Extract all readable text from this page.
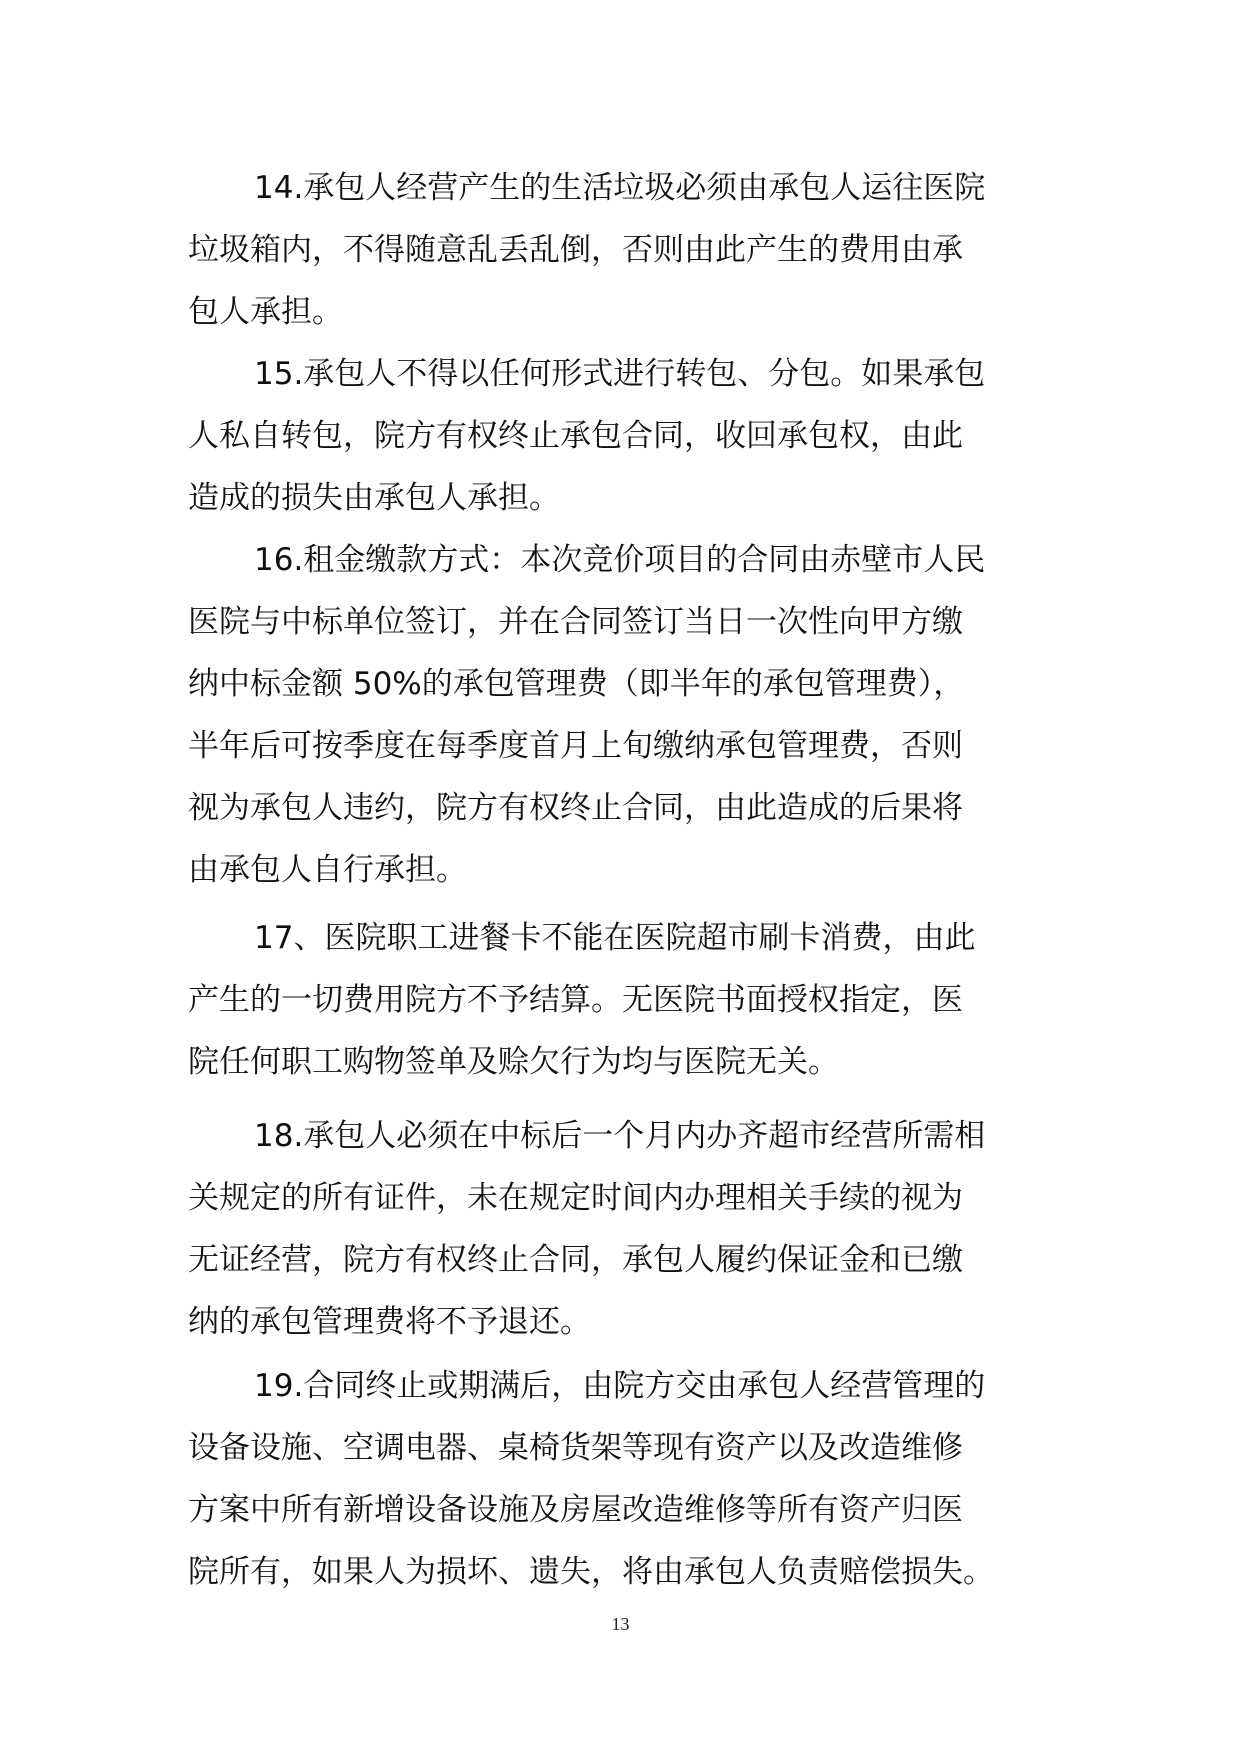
14.承包人经营产生的生活垃圾必须由承包人运往医院
垃圾箱内，不得随意乱丢乱倒，否则由此产生的费用由承
包人承担。

15.承包人不得以任何形式进行转包、分包。如果承包
人私自转包，院方有权终止承包合同，收回承包权，由此
造成的损失由承包人承担。

16.租金缴款方式：本次竞价项目的合同由赤壁市人民
医院与中标单位签订，并在合同签订当日一次性向甲方缴
纳中标金额 50%的承包管理费（即半年的承包管理费），
半年后可按季度在每季度首月上旬缴纳承包管理费，否则
视为承包人违约，院方有权终止合同，由此造成的后果将
由承包人自行承担。

17、医院职工进餐卡不能在医院超市刷卡消费，由此
产生的一切费用院方不予结算。无医院书面授权指定，医
院任何职工购物签单及赊欠行为均与医院无关。

18.承包人必须在中标后一个月内办齐超市经营所需相
关规定的所有证件，未在规定时间内办理相关手续的视为
无证经营，院方有权终止合同，承包人履约保证金和已缴
纳的承包管理费将不予退还。

19.合同终止或期满后，由院方交由承包人经营管理的
设备设施、空调电器、桌椅货架等现有资产以及改造维修
方案中所有新增设备设施及房屋改造维修等所有资产归医
院所有，如果人为损坏、遗失，将由承包人负责赔偿损失。

13
